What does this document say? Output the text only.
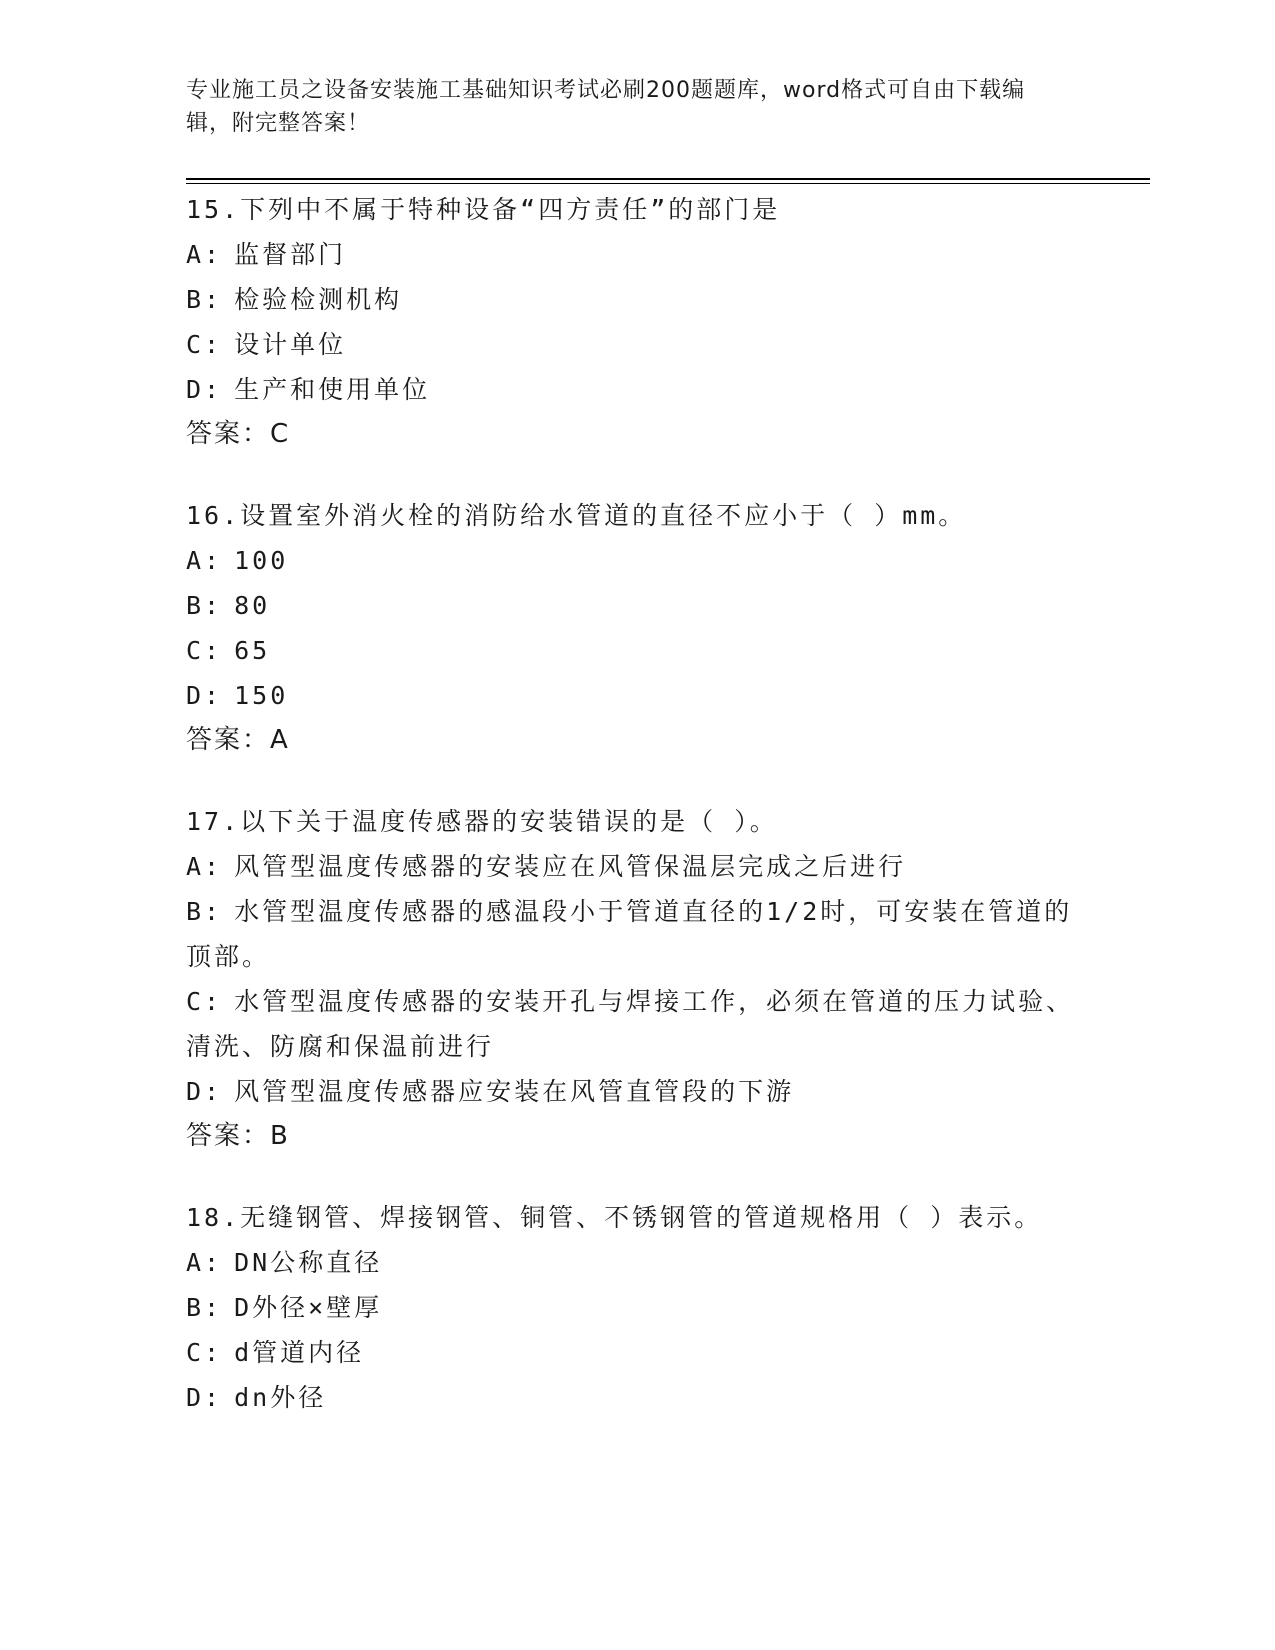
专业施工员之设备安装施工基础知识考试必刷200题题库，word格式可自由下载编辑，附完整答案！
15.下列中不属于特种设备“四方责任”的部门是
A: 监督部门
B: 检验检测机构
C: 设计单位
D: 生产和使用单位
答案：C
16.设置室外消火栓的消防给水管道的直径不应小于（ ）mm。
A: 100
B: 80
C: 65
D: 150
答案：A
17.以下关于温度传感器的安装错误的是（ ）。
A: 风管型温度传感器的安装应在风管保温层完成之后进行
B: 水管型温度传感器的感温段小于管道直径的1/2时，可安装在管道的顶部。
C: 水管型温度传感器的安装开孔与焊接工作，必须在管道的压力试验、清洗、防腐和保温前进行
D: 风管型温度传感器应安装在风管直管段的下游
答案：B
18.无缝钢管、焊接钢管、铜管、不锈钢管的管道规格用（ ）表示。
A: DN公称直径
B: D外径×壁厚
C: d管道内径
D: dn外径
